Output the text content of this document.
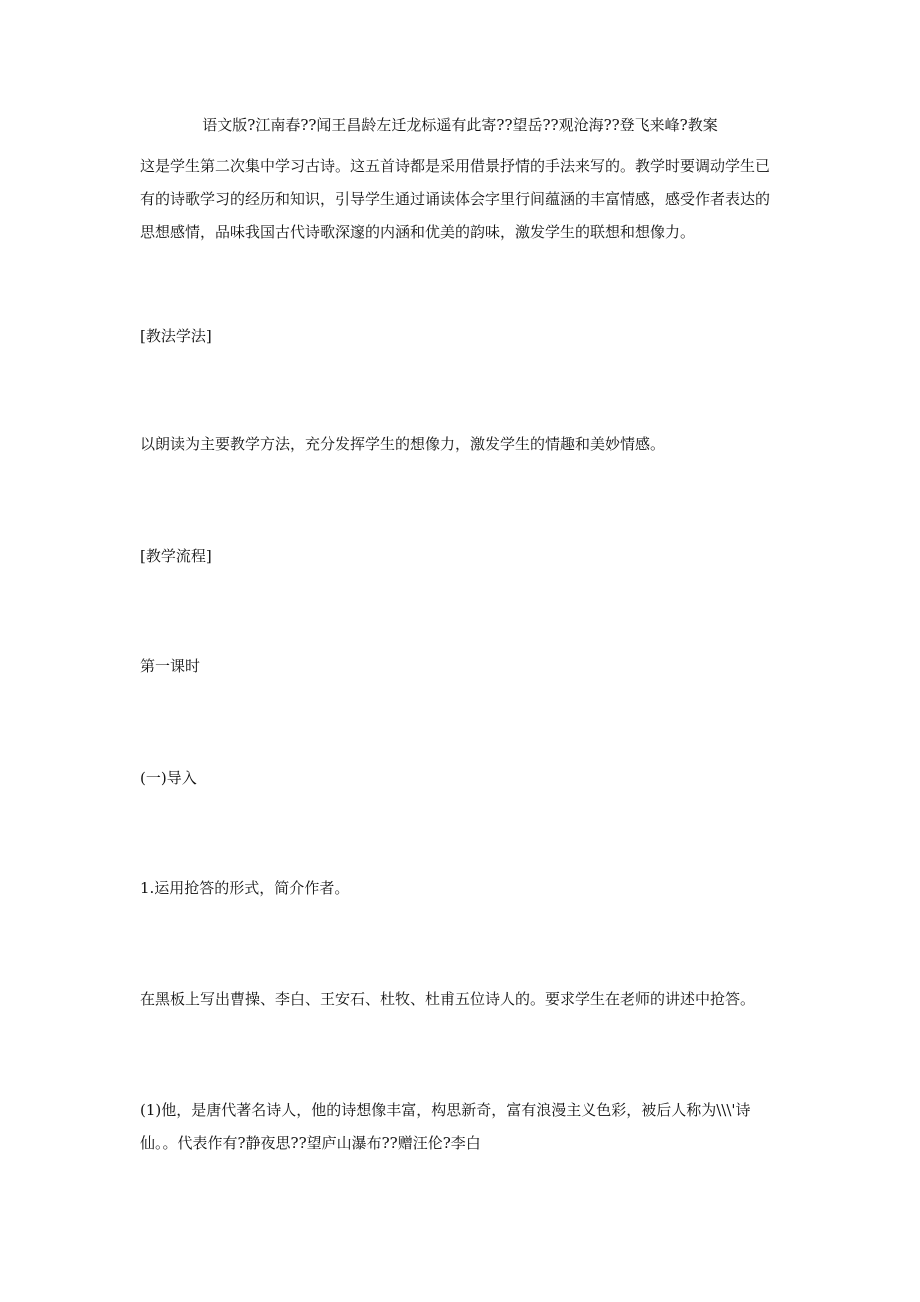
语文版?江南春??闻王昌龄左迁龙标遥有此寄??望岳??观沧海??登飞来峰?教案
这是学生第二次集中学习古诗。这五首诗都是采用借景抒情的手法来写的。教学时要调动学生已有的诗歌学习的经历和知识，引导学生通过诵读体会字里行间蕴涵的丰富情感，感受作者表达的思想感情，品味我国古代诗歌深邃的内涵和优美的韵味，激发学生的联想和想像力。
[教法学法]
以朗读为主要教学方法，充分发挥学生的想像力，激发学生的情趣和美妙情感。
[教学流程]
第一课时
(一)导入
1.运用抢答的形式，简介作者。
在黑板上写出曹操、李白、王安石、杜牧、杜甫五位诗人的。要求学生在老师的讲述中抢答。
(1)他，是唐代著名诗人，他的诗想像丰富，构思新奇，富有浪漫主义色彩，被后人称为\\\'诗仙。。代表作有?静夜思??望庐山瀑布??赠汪伦?李白
